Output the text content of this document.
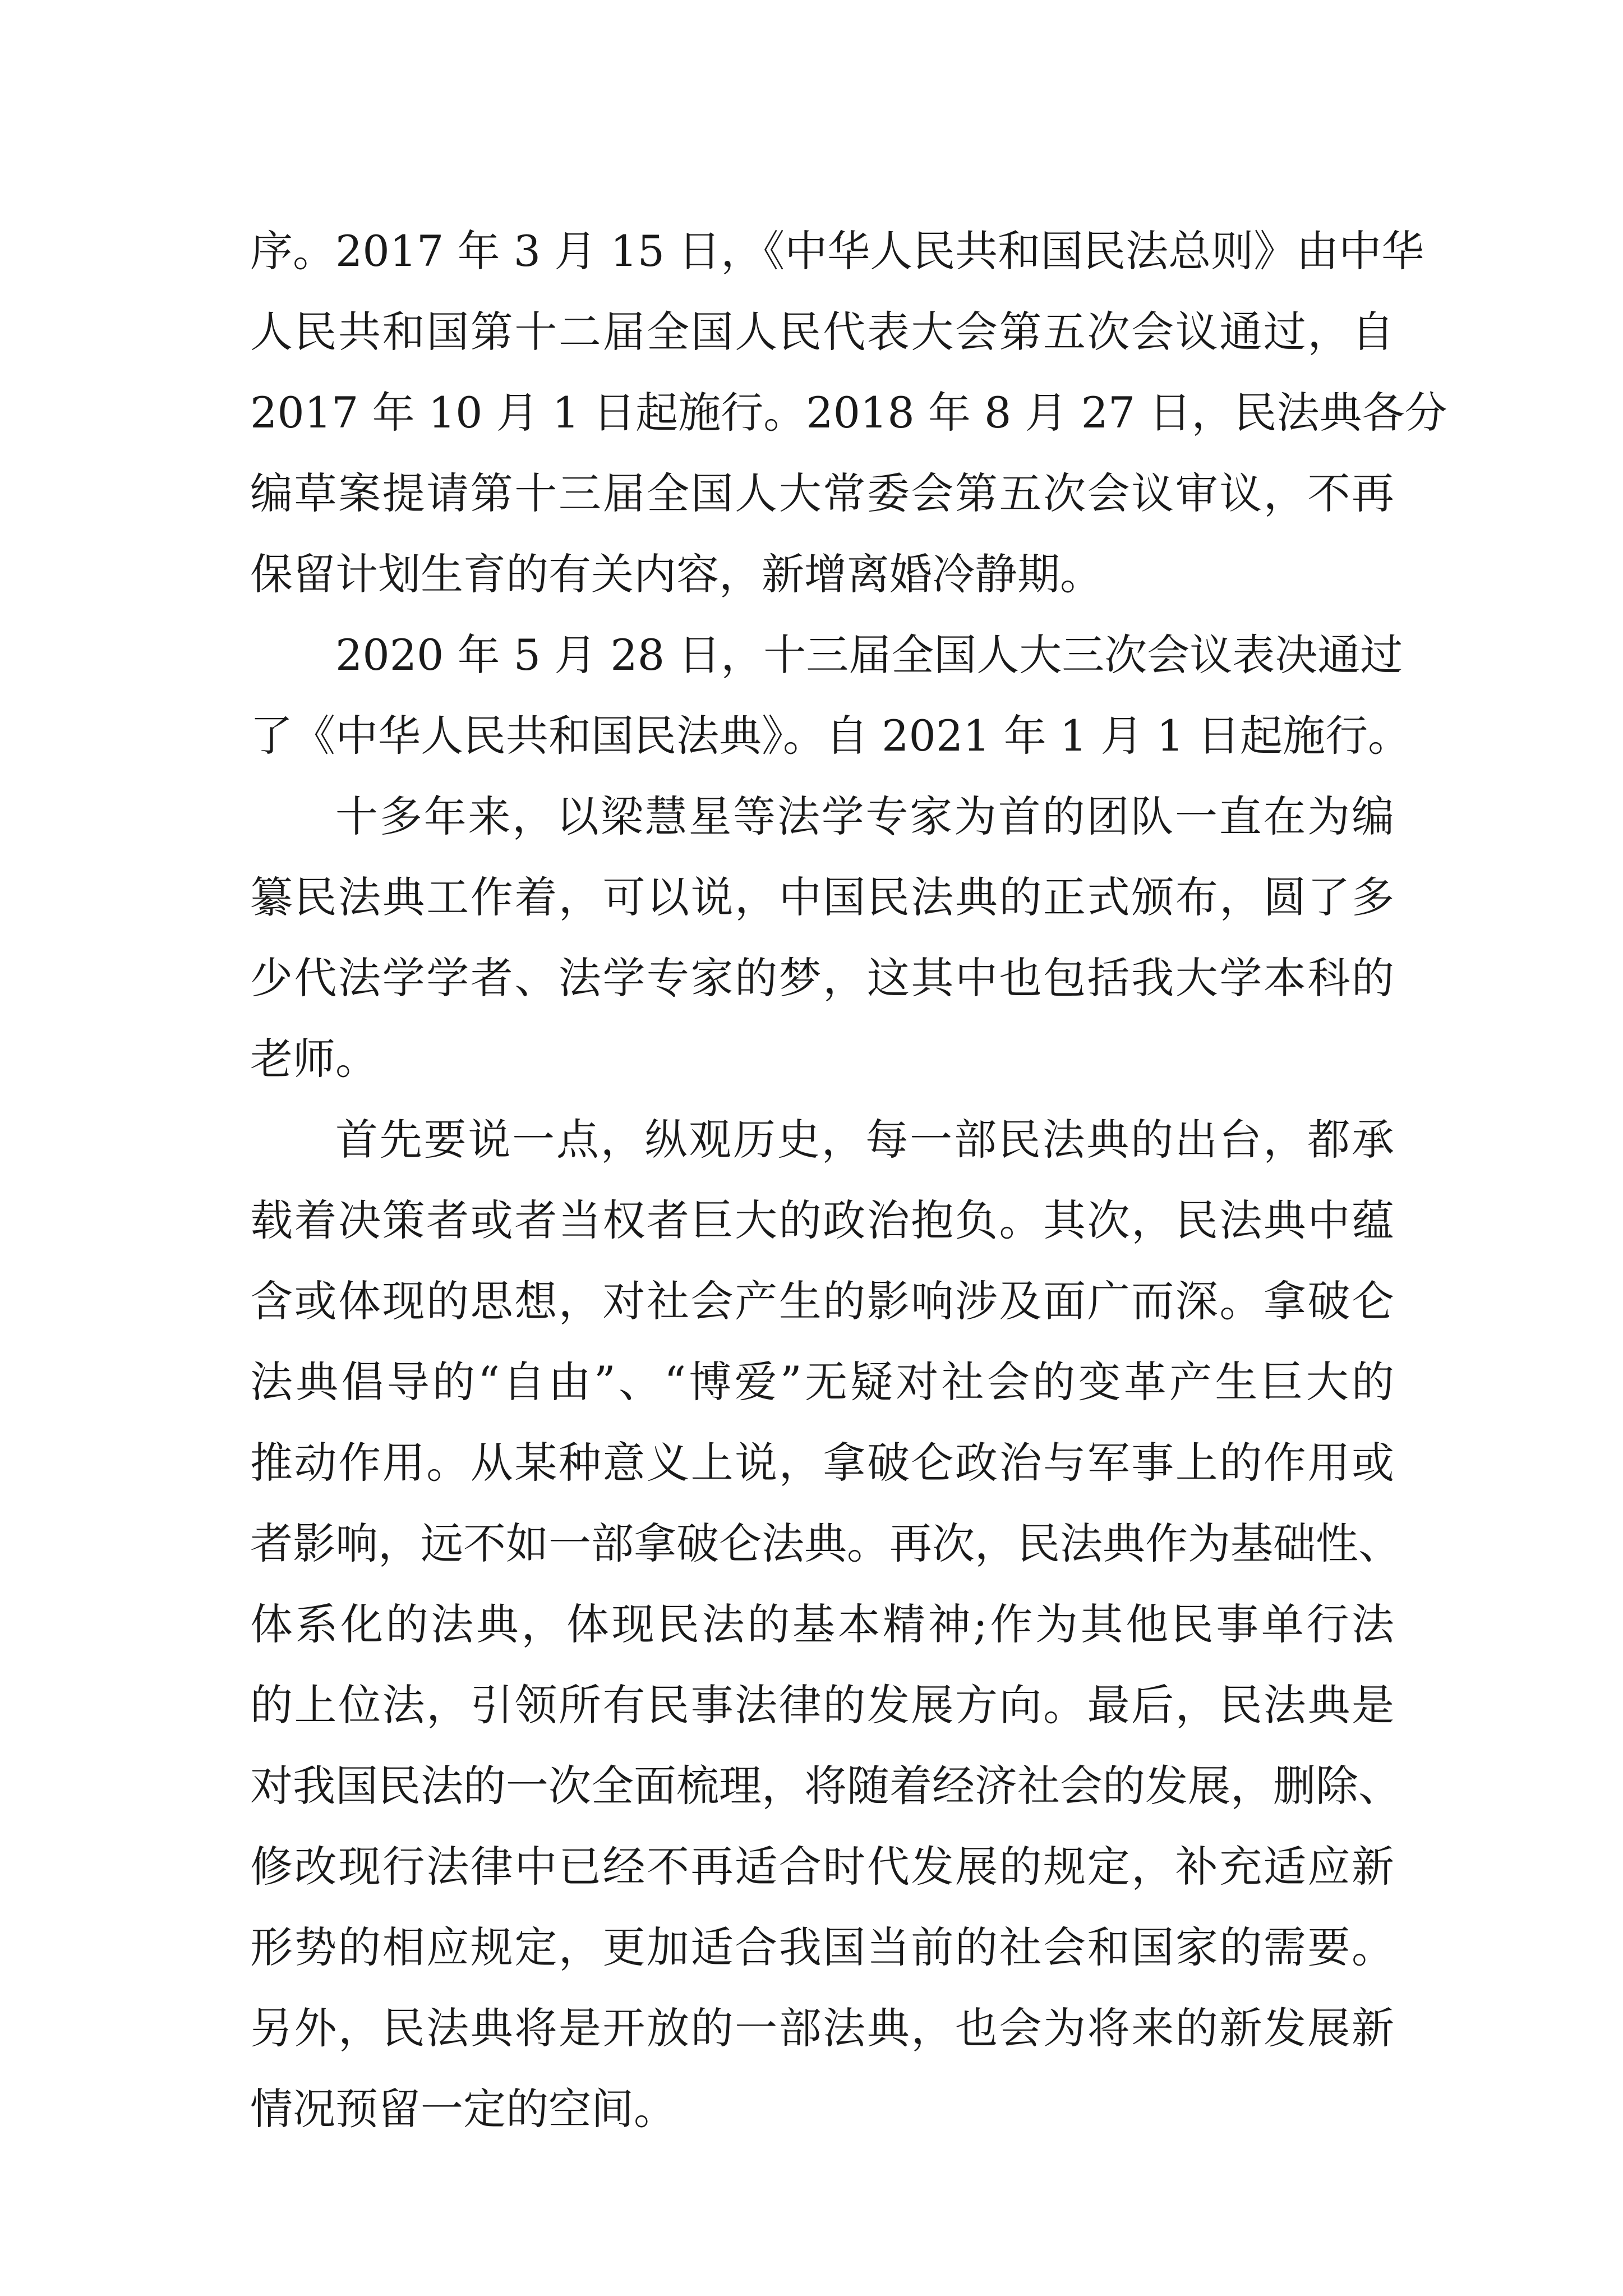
序。2017 年 3 月 15 日，《中华人民共和国民法总则》由中华
人民共和国第十二届全国人民代表大会第五次会议通过，自
2017 年 10 月 1 日起施行。2018 年 8 月 27 日，民法典各分
编草案提请第十三届全国人大常委会第五次会议审议，不再
保留计划生育的有关内容，新增离婚冷静期。
2020 年 5 月 28 日，十三届全国人大三次会议表决通过
了《中华人民共和国民法典》。自 2021 年 1 月 1 日起施行。
十多年来，以梁慧星等法学专家为首的团队一直在为编
纂民法典工作着，可以说，中国民法典的正式颁布，圆了多
少代法学学者、法学专家的梦，这其中也包括我大学本科的
老师。
首先要说一点，纵观历史，每一部民法典的出台，都承
载着决策者或者当权者巨大的政治抱负。其次，民法典中蕴
含或体现的思想，对社会产生的影响涉及面广而深。拿破仑
法典倡导的“自由”、“博爱”无疑对社会的变革产生巨大的
推动作用。从某种意义上说，拿破仑政治与军事上的作用或
者影响，远不如一部拿破仑法典。再次，民法典作为基础性、
体系化的法典，体现民法的基本精神;作为其他民事单行法
的上位法，引领所有民事法律的发展方向。最后，民法典是
对我国民法的一次全面梳理，将随着经济社会的发展，删除、
修改现行法律中已经不再适合时代发展的规定，补充适应新
形势的相应规定，更加适合我国当前的社会和国家的需要。
另外，民法典将是开放的一部法典，也会为将来的新发展新
情况预留一定的空间。
